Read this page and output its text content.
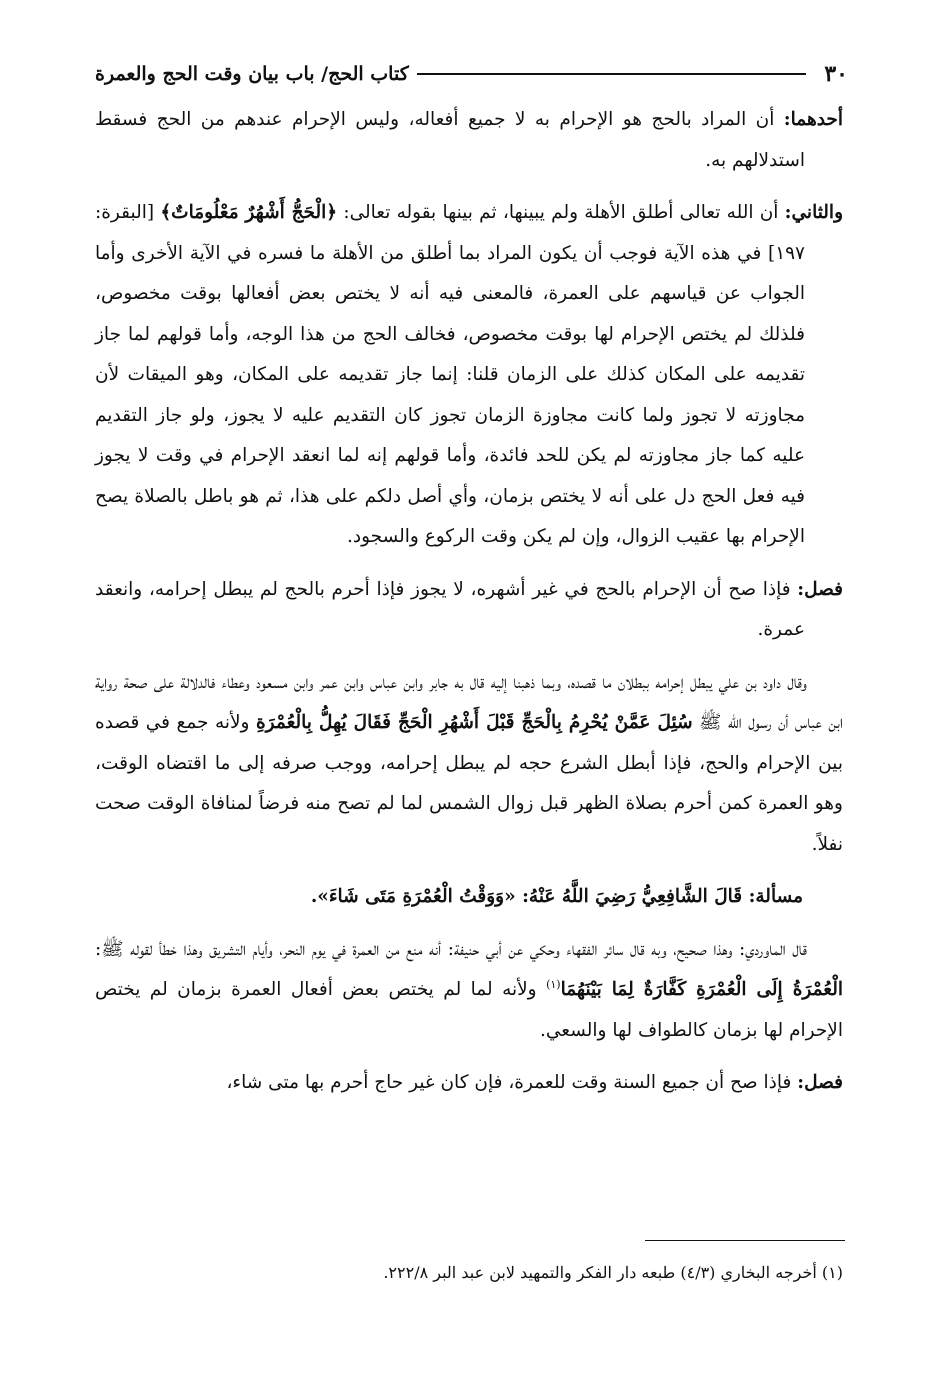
٣٠
كتاب الحج/ باب بيان وقت الحج والعمرة

أحدهما: أن المراد بالحج هو الإحرام به لا جميع أفعاله، وليس الإحرام عندهم من الحج فسقط استدلالهم به.

والثاني: أن الله تعالى أطلق الأهلة ولم يبينها، ثم بينها بقوله تعالى: ﴿الْحَجُّ أَشْهُرٌ مَعْلُومَاتٌ﴾ [البقرة: ١٩٧] في هذه الآية فوجب أن يكون المراد بما أطلق من الأهلة ما فسره في الآية الأخرى وأما الجواب عن قياسهم على العمرة، فالمعنى فيه أنه لا يختص بعض أفعالها بوقت مخصوص، فلذلك لم يختص الإحرام لها بوقت مخصوص، فخالف الحج من هذا الوجه، وأما قولهم لما جاز تقديمه على المكان كذلك على الزمان قلنا: إنما جاز تقديمه على المكان، وهو الميقات لأن مجاوزته لا تجوز ولما كانت مجاوزة الزمان تجوز كان التقديم عليه لا يجوز، ولو جاز التقديم عليه كما جاز مجاوزته لم يكن للحد فائدة، وأما قولهم إنه لما انعقد الإحرام في وقت لا يجوز فيه فعل الحج دل على أنه لا يختص بزمان، وأي أصل دلكم على هذا، ثم هو باطل بالصلاة يصح الإحرام بها عقيب الزوال، وإن لم يكن وقت الركوع والسجود.

فصل: فإذا صح أن الإحرام بالحج في غير أشهره، لا يجوز فإذا أحرم بالحج لم يبطل إحرامه، وانعقد عمرة.

وقال داود بن علي يبطل إحرامه ببطلان ما قصده، وبما ذهبنا إليه قال به جابر وابن عباس وابن عمر وابن مسعود وعطاء فالدلالة على صحة رواية ابن عباس أن رسول الله ﷺ سُئِلَ عَمَّنْ يُحْرِمُ بِالْحَجِّ قَبْلَ أَشْهُرِ الْحَجِّ فَقَالَ يُهِلُّ بِالْعُمْرَةِ ولأنه جمع في قصده بين الإحرام والحج، فإذا أبطل الشرع حجه لم يبطل إحرامه، ووجب صرفه إلى ما اقتضاه الوقت، وهو العمرة كمن أحرم بصلاة الظهر قبل زوال الشمس لما لم تصح منه فرضاً لمنافاة الوقت صحت نفلاً.

مسألة: قَالَ الشَّافِعِيُّ رَضِيَ اللَّهُ عَنْهُ: «وَوَقْتُ الْعُمْرَةِ مَتَى شَاءَ».

قال الماوردي: وهذا صحيح، وبه قال سائر الفقهاء وحكي عن أبي حنيفة: أنه منع من العمرة في يوم النحر، وأيام التشريق وهذا خطأ لقوله ﷺ: الْعُمْرَةُ إِلَى الْعُمْرَةِ كَفَّارَةٌ لِمَا بَيْنَهُمَا$^{(١)}$ ولأنه لما لم يختص بعض أفعال العمرة بزمان لم يختص الإحرام لها بزمان كالطواف لها والسعي.

فصل: فإذا صح أن جميع السنة وقت للعمرة، فإن كان غير حاج أحرم بها متى شاء،

(١) أخرجه البخاري (٤/٣) طبعه دار الفكر والتمهيد لابن عبد البر ٢٢٢/٨.
